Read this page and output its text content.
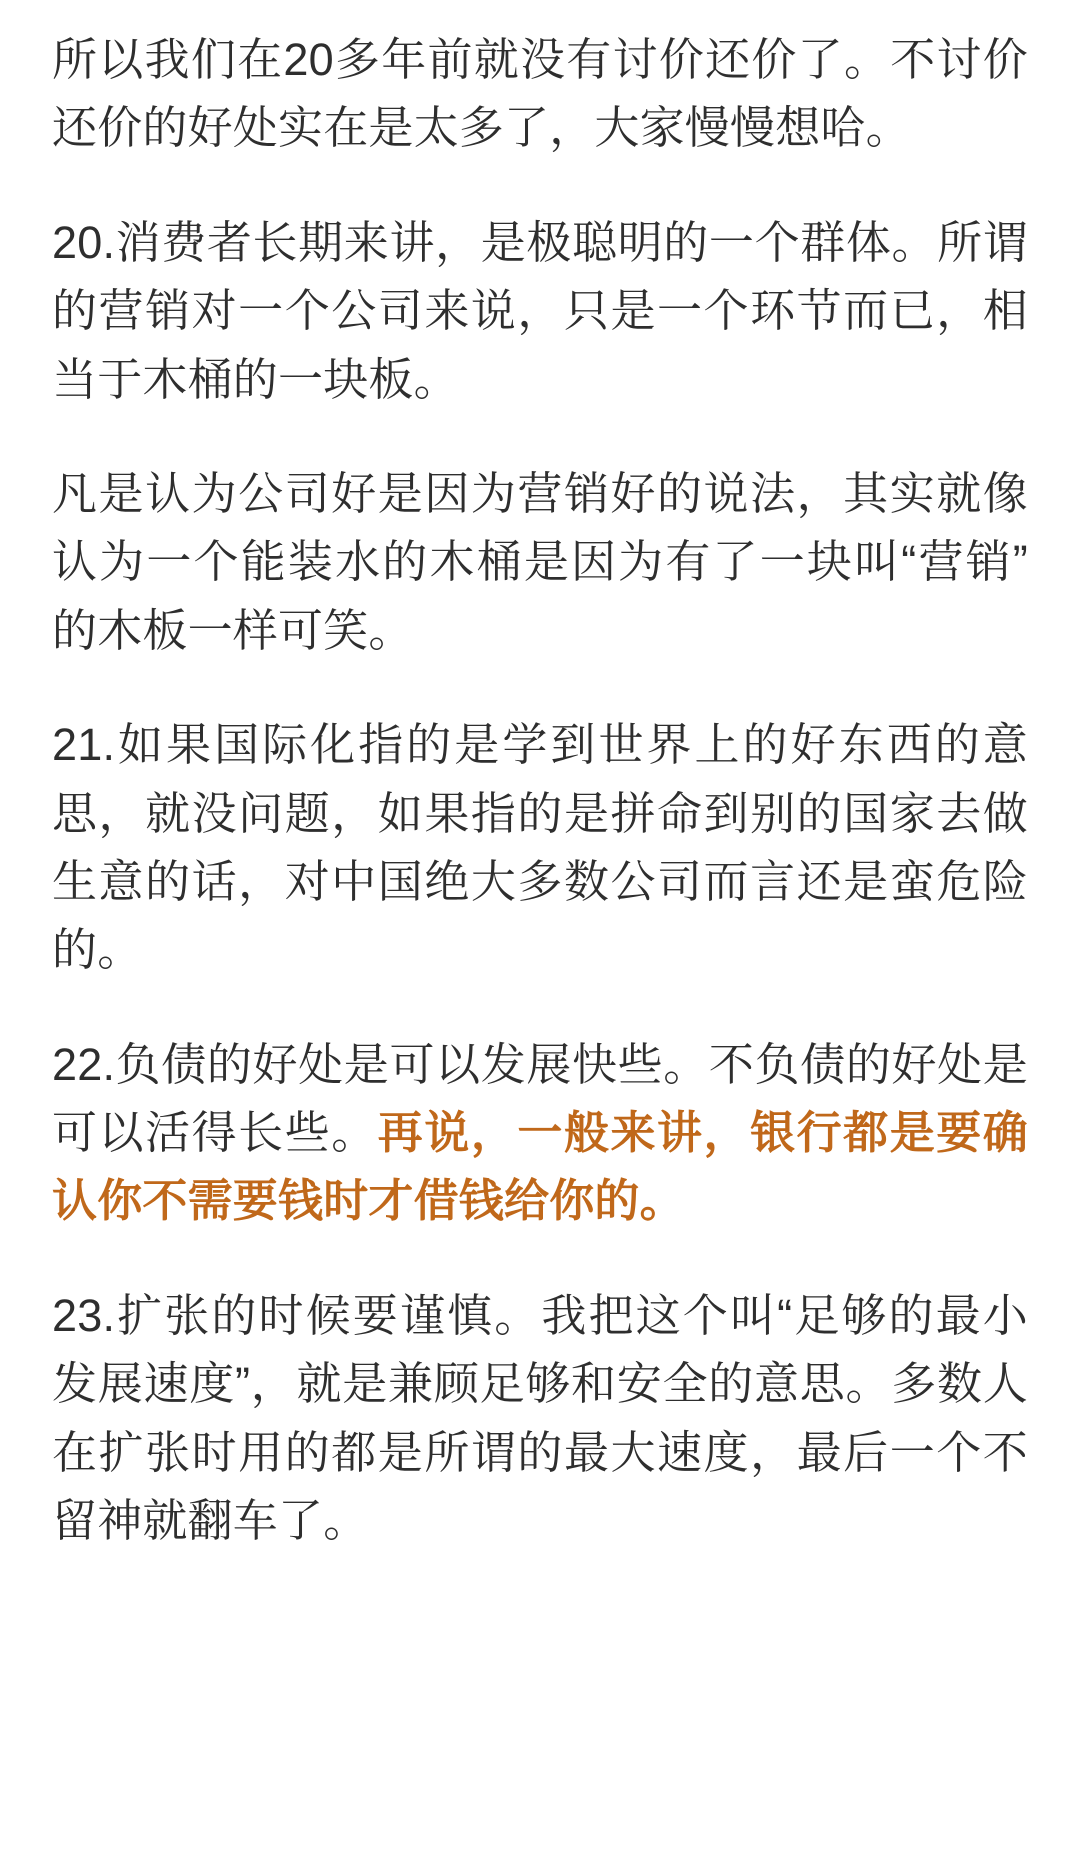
所以我们在20多年前就没有讨价还价了。不讨价还价的好处实在是太多了，大家慢慢想哈。

20.消费者长期来讲，是极聪明的一个群体。所谓的营销对一个公司来说，只是一个环节而已，相当于木桶的一块板。

凡是认为公司好是因为营销好的说法，其实就像认为一个能装水的木桶是因为有了一块叫“营销”的木板一样可笑。

21.如果国际化指的是学到世界上的好东西的意思，就没问题，如果指的是拼命到别的国家去做生意的话，对中国绝大多数公司而言还是蛮危险的。

22.负债的好处是可以发展快些。不负债的好处是可以活得长些。再说，一般来讲，银行都是要确认你不需要钱时才借钱给你的。

23.扩张的时候要谨慎。我把这个叫“足够的最小发展速度”，就是兼顾足够和安全的意思。多数人在扩张时用的都是所谓的最大速度，最后一个不留神就翻车了。
